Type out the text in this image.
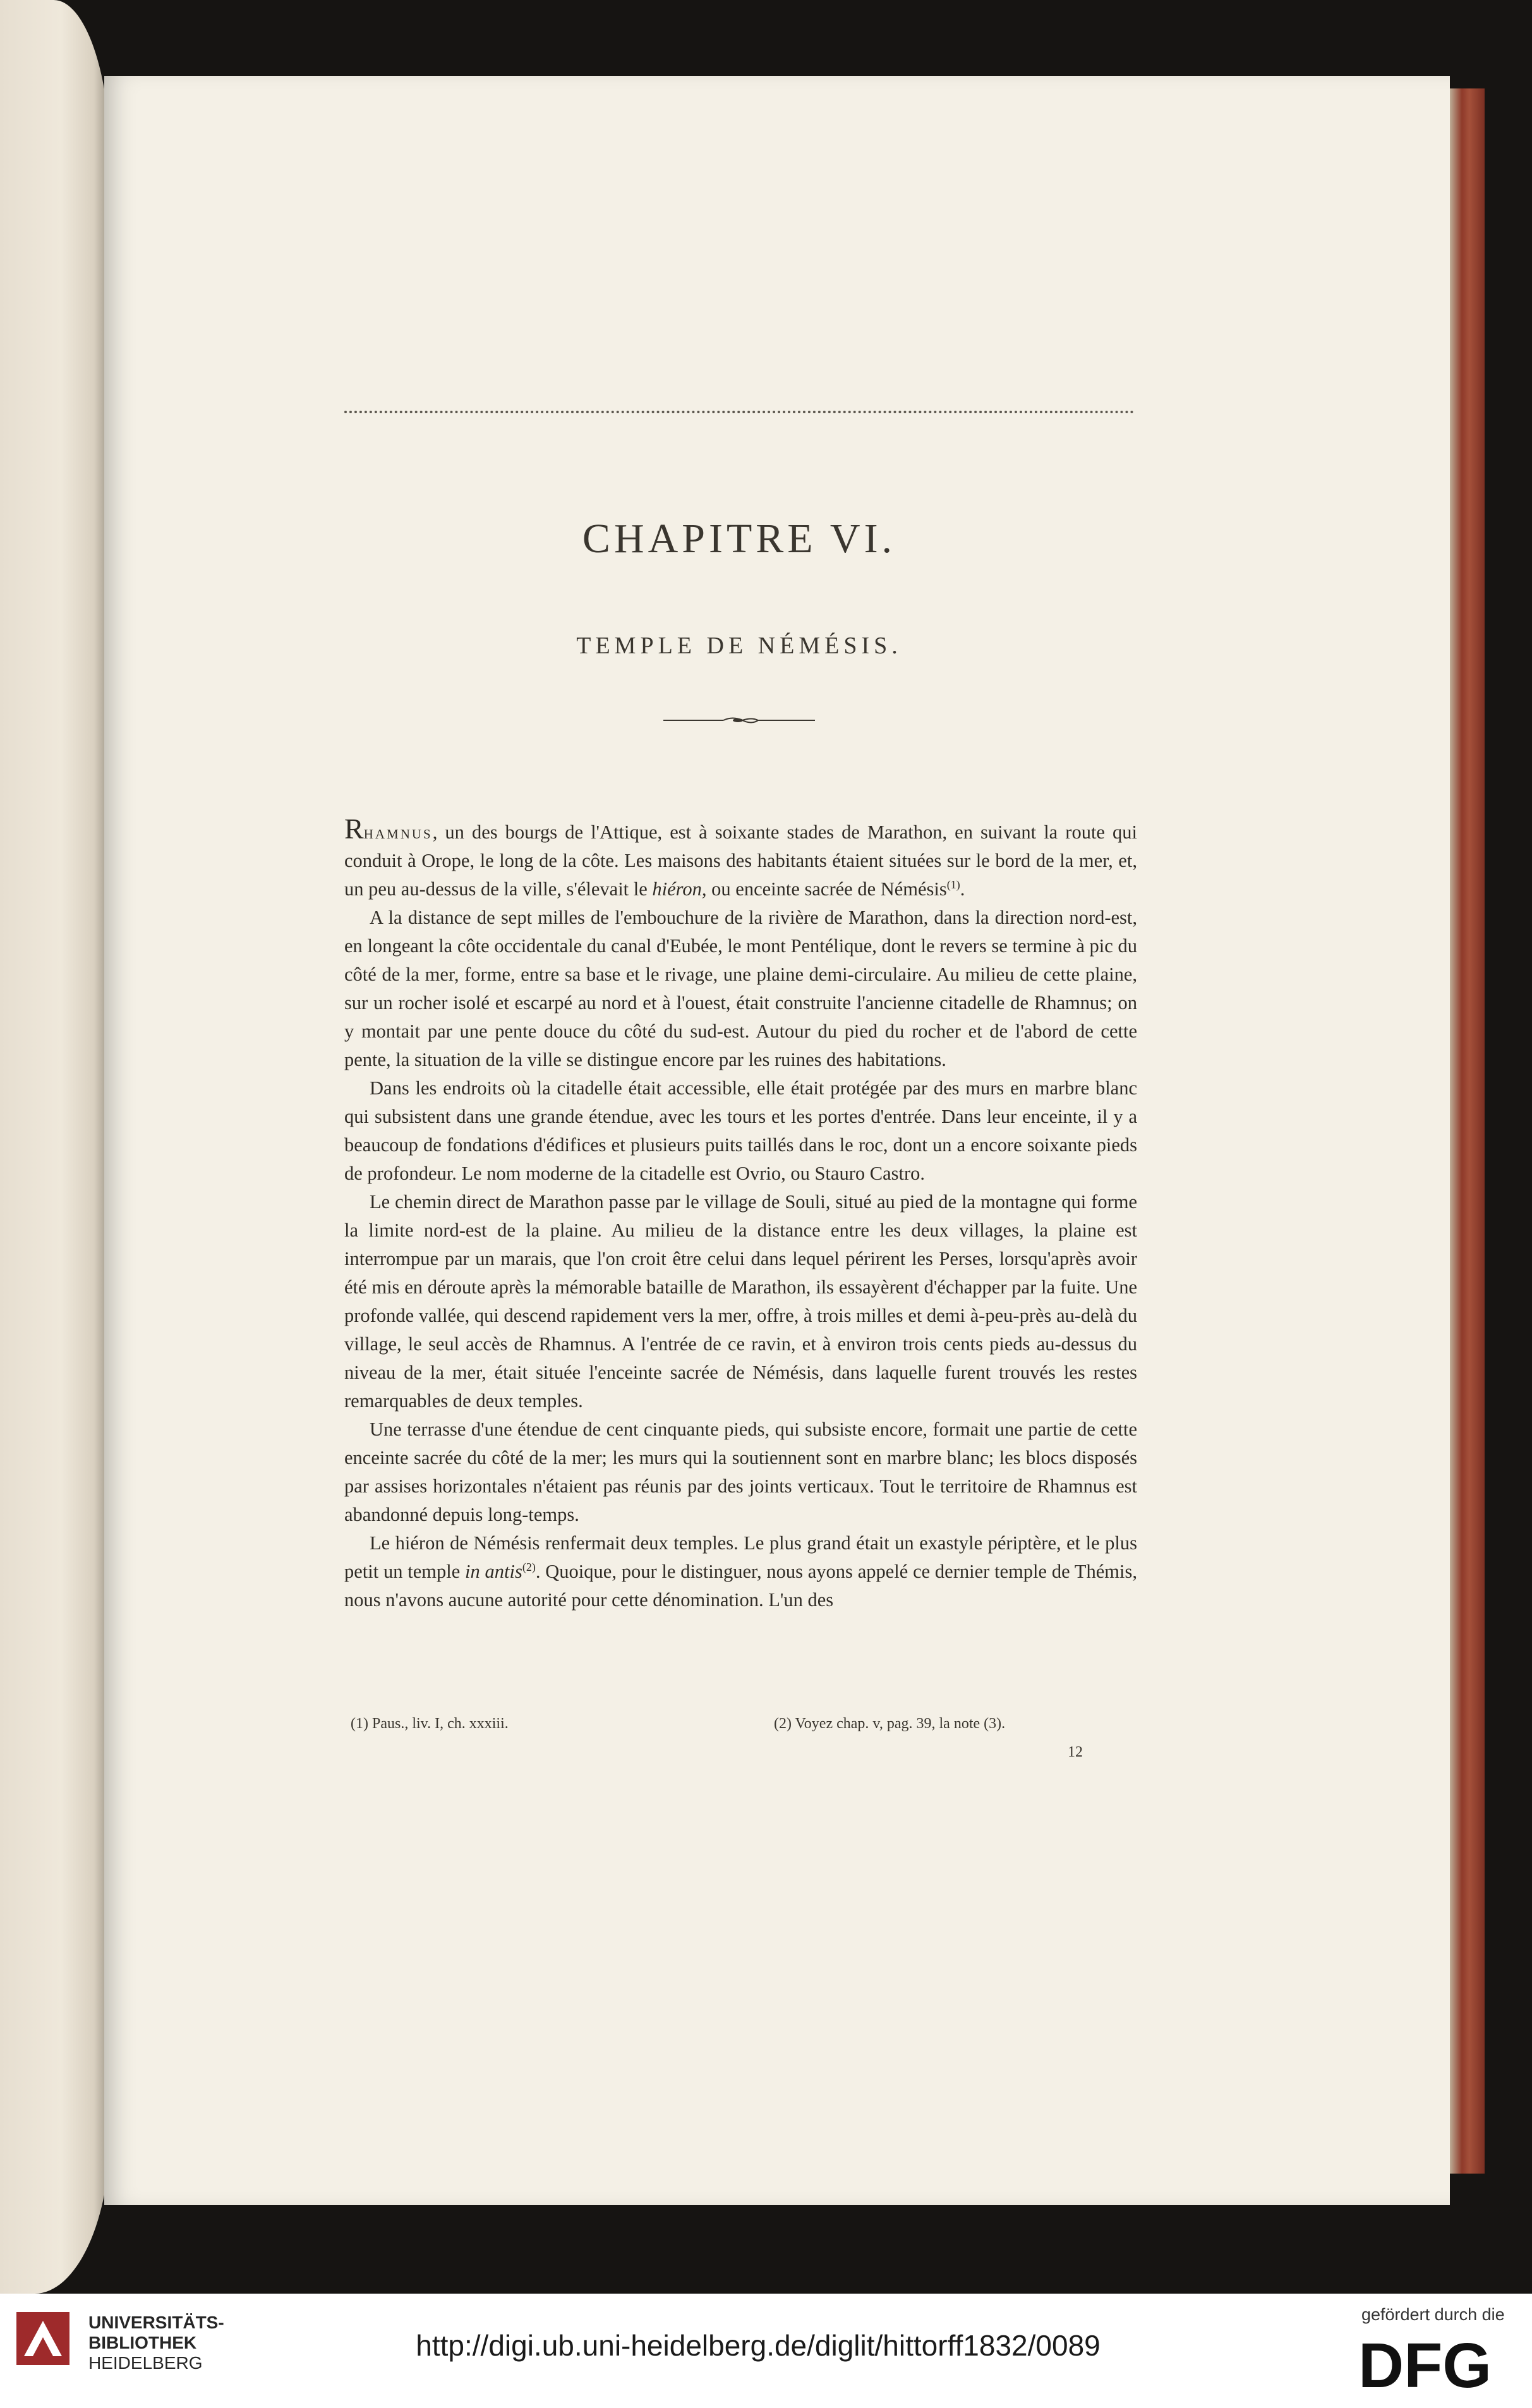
CHAPITRE VI.
TEMPLE DE NÉMÉSIS.

Rhamnus, un des bourgs de l'Attique, est à soixante stades de Marathon, en suivant la route qui conduit à Orope, le long de la côte. Les maisons des habitants étaient situées sur le bord de la mer, et, un peu au-dessus de la ville, s'élevait le hiéron, ou enceinte sacrée de Némésis$^{(1)}$.

A la distance de sept milles de l'embouchure de la rivière de Marathon, dans la direction nord-est, en longeant la côte occidentale du canal d'Eubée, le mont Pentélique, dont le revers se termine à pic du côté de la mer, forme, entre sa base et le rivage, une plaine demi-circulaire. Au milieu de cette plaine, sur un rocher isolé et escarpé au nord et à l'ouest, était construite l'ancienne citadelle de Rhamnus; on y montait par une pente douce du côté du sud-est. Autour du pied du rocher et de l'abord de cette pente, la situation de la ville se distingue encore par les ruines des habitations.

Dans les endroits où la citadelle était accessible, elle était protégée par des murs en marbre blanc qui subsistent dans une grande étendue, avec les tours et les portes d'entrée. Dans leur enceinte, il y a beaucoup de fondations d'édifices et plusieurs puits taillés dans le roc, dont un a encore soixante pieds de profondeur. Le nom moderne de la citadelle est Ovrio, ou Stauro Castro.

Le chemin direct de Marathon passe par le village de Souli, situé au pied de la montagne qui forme la limite nord-est de la plaine. Au milieu de la distance entre les deux villages, la plaine est interrompue par un marais, que l'on croit être celui dans lequel périrent les Perses, lorsqu'après avoir été mis en déroute après la mémorable bataille de Marathon, ils essayèrent d'échapper par la fuite. Une profonde vallée, qui descend rapidement vers la mer, offre, à trois milles et demi à-peu-près au-delà du village, le seul accès de Rhamnus. A l'entrée de ce ravin, et à environ trois cents pieds au-dessus du niveau de la mer, était située l'enceinte sacrée de Némésis, dans laquelle furent trouvés les restes remarquables de deux temples.

Une terrasse d'une étendue de cent cinquante pieds, qui subsiste encore, formait une partie de cette enceinte sacrée du côté de la mer; les murs qui la soutiennent sont en marbre blanc; les blocs disposés par assises horizontales n'étaient pas réunis par des joints verticaux. Tout le territoire de Rhamnus est abandonné depuis long-temps.

Le hiéron de Némésis renfermait deux temples. Le plus grand était un exastyle périptère, et le plus petit un temple in antis$^{(2)}$. Quoique, pour le distinguer, nous ayons appelé ce dernier temple de Thémis, nous n'avons aucune autorité pour cette dénomination. L'un des

(1) Paus., liv. I, ch. xxxiii.	(2) Voyez chap. v, pag. 39, la note (3).
12
UNIVERSITÄTS-
BIBLIOTHEK
HEIDELBERG
http://digi.ub.uni-heidelberg.de/diglit/hittorff1832/0089
gefördert durch die
DFG
